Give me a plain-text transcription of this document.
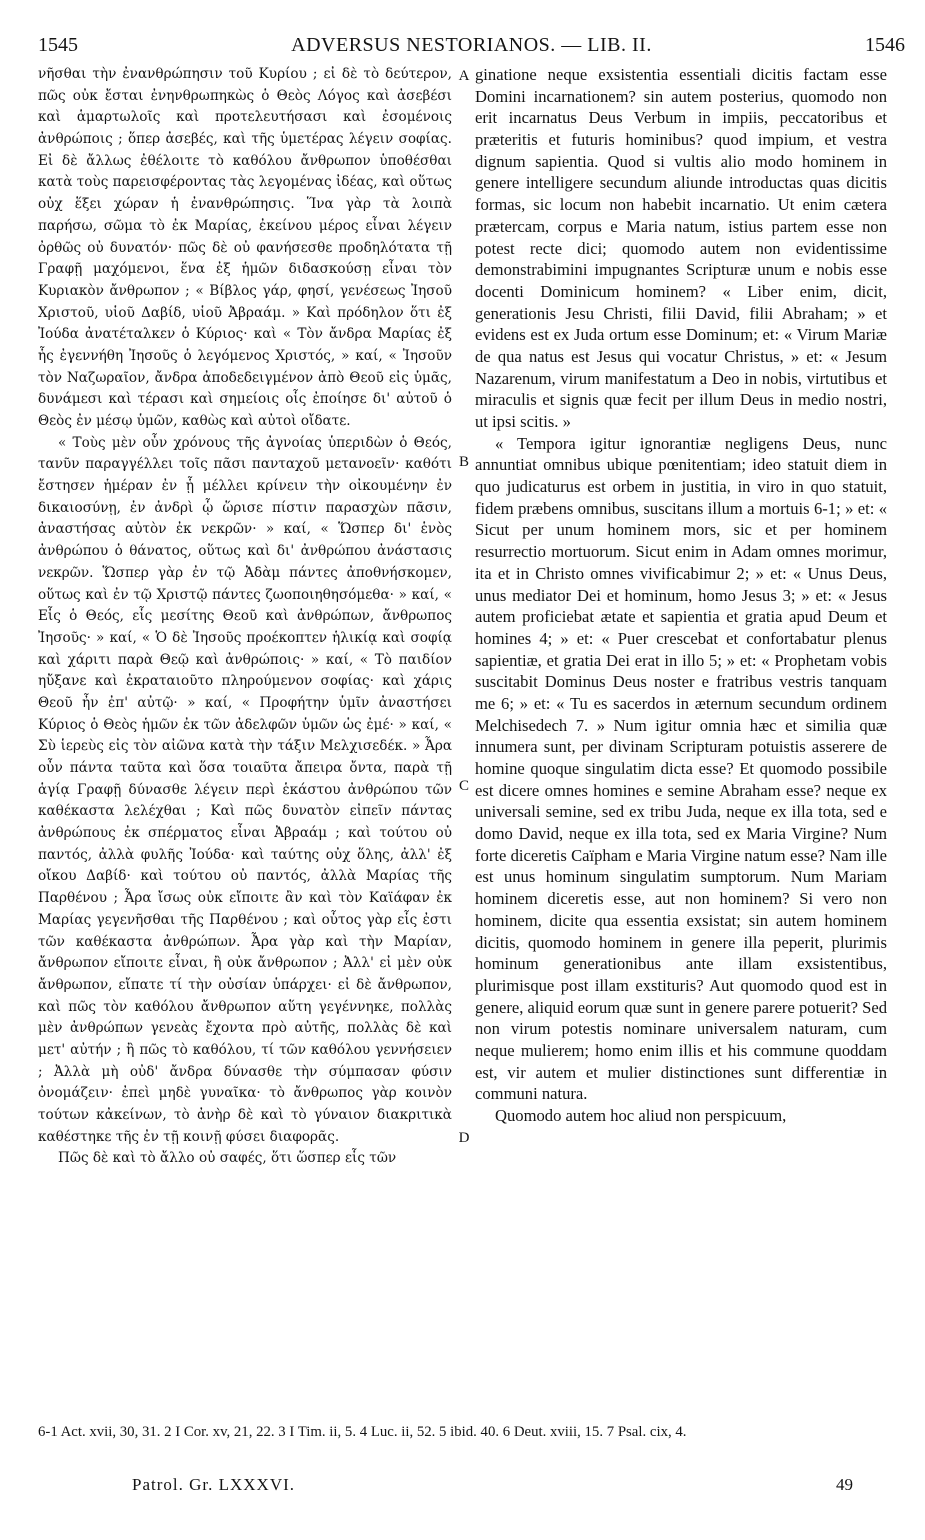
1545	ADVERSUS NESTORIANOS. — LIB. II.	1546

νῆσθαι τὴν ἐνανθρώπησιν τοῦ Κυρίου ; εἰ δὲ τὸ δεύτερον, πῶς οὐκ ἔσται ἐνηνθρωπηκὼς ὁ Θεὸς Λόγος καὶ ἀσεβέσι καὶ ἁμαρτωλοῖς καὶ προτελευτήσασι καὶ ἐσομένοις ἀνθρώποις ; ὅπερ ἀσεβές, καὶ τῆς ὑμετέρας λέγειν σοφίας. Εἰ δὲ ἄλλως ἐθέλοιτε τὸ καθόλου ἄνθρωπον ὑποθέσθαι κατὰ τοὺς παρεισφέροντας τὰς λεγομένας ἰδέας, καὶ οὕτως οὐχ ἕξει χώραν ἡ ἐνανθρώπησις. Ἵνα γὰρ τὰ λοιπὰ παρήσω, σῶμα τὸ ἐκ Μαρίας, ἐκείνου μέρος εἶναι λέγειν ὀρθῶς οὐ δυνατόν· πῶς δὲ οὐ φανήσεσθε προδηλότατα τῇ Γραφῇ μαχόμενοι, ἕνα ἐξ ἡμῶν διδασκούσῃ εἶναι τὸν Κυριακὸν ἄνθρωπον ; « Βίβλος γάρ, φησί, γενέσεως Ἰησοῦ Χριστοῦ, υἱοῦ Δαβίδ, υἱοῦ Ἀβραάμ. » Καὶ πρόδηλον ὅτι ἐξ Ἰούδα ἀνατέταλκεν ὁ Κύριος· καὶ « Τὸν ἄνδρα Μαρίας ἐξ ἧς ἐγεννήθη Ἰησοῦς ὁ λεγόμενος Χριστός, » καί, « Ἰησοῦν τὸν Ναζωραῖον, ἄνδρα ἀποδεδειγμένον ἀπὸ Θεοῦ εἰς ὑμᾶς, δυνάμεσι καὶ τέρασι καὶ σημείοις οἷς ἐποίησε δι' αὐτοῦ ὁ Θεὸς ἐν μέσῳ ὑμῶν, καθὼς καὶ αὐτοὶ οἴδατε.

« Τοὺς μὲν οὖν χρόνους τῆς ἀγνοίας ὑπεριδὼν ὁ Θεός, τανῦν παραγγέλλει τοῖς πᾶσι πανταχοῦ μετανοεῖν· καθότι ἔστησεν ἡμέραν ἐν ᾗ μέλλει κρίνειν τὴν οἰκουμένην ἐν δικαιοσύνῃ, ἐν ἀνδρὶ ᾧ ὥρισε πίστιν παρασχὼν πᾶσιν, ἀναστήσας αὐτὸν ἐκ νεκρῶν· » καί, « Ὥσπερ δι' ἑνὸς ἀνθρώπου ὁ θάνατος, οὕτως καὶ δι' ἀνθρώπου ἀνάστασις νεκρῶν. Ὥσπερ γὰρ ἐν τῷ Ἀδὰμ πάντες ἀποθνήσκομεν, οὕτως καὶ ἐν τῷ Χριστῷ πάντες ζωοποιηθησόμεθα· » καί, « Εἷς ὁ Θεός, εἷς μεσίτης Θεοῦ καὶ ἀνθρώπων, ἄνθρωπος Ἰησοῦς· » καί, « Ὁ δὲ Ἰησοῦς προέκοπτεν ἡλικίᾳ καὶ σοφίᾳ καὶ χάριτι παρὰ Θεῷ καὶ ἀνθρώποις· » καί, « Τὸ παιδίον ηὔξανε καὶ ἐκραταιοῦτο πληρούμενον σοφίας· καὶ χάρις Θεοῦ ἦν ἐπ' αὐτῷ· » καί, « Προφήτην ὑμῖν ἀναστήσει Κύριος ὁ Θεὸς ἡμῶν ἐκ τῶν ἀδελφῶν ὑμῶν ὡς ἐμέ· » καί, « Σὺ ἱερεὺς εἰς τὸν αἰῶνα κατὰ τὴν τάξιν Μελχισεδέκ. » Ἆρα οὖν πάντα ταῦτα καὶ ὅσα τοιαῦτα ἄπειρα ὄντα, παρὰ τῇ ἁγίᾳ Γραφῇ δύνασθε λέγειν περὶ ἑκάστου ἀνθρώπου τῶν καθέκαστα λελέχθαι ; Καὶ πῶς δυνατὸν εἰπεῖν πάντας ἀνθρώπους ἐκ σπέρματος εἶναι Ἀβραάμ ; καὶ τούτου οὐ παντός, ἀλλὰ φυλῆς Ἰούδα· καὶ ταύτης οὐχ ὅλης, ἀλλ' ἐξ οἴκου Δαβίδ· καὶ τούτου οὐ παντός, ἀλλὰ Μαρίας τῆς Παρθένου ; Ἆρα ἴσως οὐκ εἴποιτε ἂν καὶ τὸν Καϊάφαν ἐκ Μαρίας γεγενῆσθαι τῆς Παρθένου ; καὶ οὗτος γὰρ εἷς ἐστι τῶν καθέκαστα ἀνθρώπων. Ἆρα γὰρ καὶ τὴν Μαρίαν, ἄνθρωπον εἴποιτε εἶναι, ἢ οὐκ ἄνθρωπον ; Ἀλλ' εἰ μὲν οὐκ ἄνθρωπον, εἴπατε τί τὴν οὐσίαν ὑπάρχει· εἰ δὲ ἄνθρωπον, καὶ πῶς τὸν καθόλου ἄνθρωπον αὕτη γεγέννηκε, πολλὰς μὲν ἀνθρώπων γενεὰς ἔχοντα πρὸ αὐτῆς, πολλὰς δὲ καὶ μετ' αὐτήν ; ἢ πῶς τὸ καθόλου, τί τῶν καθόλου γεννήσειεν ; Ἀλλὰ μὴ οὐδ' ἄνδρα δύνασθε τὴν σύμπασαν φύσιν ὀνομάζειν· ἐπεὶ μηδὲ γυναῖκα· τὸ ἄνθρωπος γὰρ κοινὸν τούτων κἀκείνων, τὸ ἀνὴρ δὲ καὶ τὸ γύναιον διακριτικὰ καθέστηκε τῆς ἐν τῇ κοινῇ φύσει διαφορᾶς.

Πῶς δὲ καὶ τὸ ἄλλο οὐ σαφές, ὅτι ὥσπερ εἷς τῶν

A
B
C
D

ginatione neque exsistentia essentiali dicitis factam esse Domini incarnationem? sin autem posterius, quomodo non erit incarnatus Deus Verbum in impiis, peccatoribus et præteritis et futuris hominibus? quod impium, et vestra dignum sapientia. Quod si vultis alio modo hominem in genere intelligere secundum aliunde introductas quas dicitis formas, sic locum non habebit incarnatio. Ut enim cætera prætercam, corpus e Maria natum, istius partem esse non potest recte dici; quomodo autem non evidentissime demonstrabimini impugnantes Scripturæ unum e nobis esse docenti Dominicum hominem? « Liber enim, dicit, generationis Jesu Christi, filii David, filii Abraham; » et evidens est ex Juda ortum esse Dominum; et: « Virum Mariæ de qua natus est Jesus qui vocatur Christus, » et: « Jesum Nazarenum, virum manifestatum a Deo in nobis, virtutibus et miraculis et signis quæ fecit per illum Deus in medio nostri, ut ipsi scitis. »

« Tempora igitur ignorantiæ negligens Deus, nunc annuntiat omnibus ubique pœnitentiam; ideo statuit diem in quo judicaturus est orbem in justitia, in viro in quo statuit, fidem præbens omnibus, suscitans illum a mortuis 6-1; » et: « Sicut per unum hominem mors, sic et per hominem resurrectio mortuorum. Sicut enim in Adam omnes morimur, ita et in Christo omnes vivificabimur 2; » et: « Unus Deus, unus mediator Dei et hominum, homo Jesus 3; » et: « Jesus autem proficiebat ætate et sapientia et gratia apud Deum et homines 4; » et: « Puer crescebat et confortabatur plenus sapientiæ, et gratia Dei erat in illo 5; » et: « Prophetam vobis suscitabit Dominus Deus noster e fratribus vestris tanquam me 6; » et: « Tu es sacerdos in æternum secundum ordinem Melchisedech 7. » Num igitur omnia hæc et similia quæ innumera sunt, per divinam Scripturam potuistis asserere de homine quoque singulatim dicta esse? Et quomodo possibile est dicere omnes homines e semine Abraham esse? neque ex universali semine, sed ex tribu Juda, neque ex illa tota, sed e domo David, neque ex illa tota, sed ex Maria Virgine? Num forte diceretis Caïpham e Maria Virgine natum esse? Nam ille est unus hominum singulatim sumptorum. Num Mariam hominem diceretis esse, aut non hominem? Si vero non hominem, dicite qua essentia exsistat; sin autem hominem dicitis, quomodo hominem in genere illa peperit, plurimis hominum generationibus ante illam exsistentibus, plurimisque post illam exstituris? Aut quomodo quod est in genere, aliquid eorum quæ sunt in genere parere potuerit? Sed non virum potestis nominare universalem naturam, cum neque mulierem; homo enim illis et his commune quoddam est, vir autem et mulier distinctiones sunt differentiæ in communi natura.

Quomodo autem hoc aliud non perspicuum,

6-1 Act. xvii, 30, 31. 2 I Cor. xv, 21, 22. 3 I Tim. ii, 5. 4 Luc. ii, 52. 5 ibid. 40. 6 Deut. xviii, 15. 7 Psal. cix, 4.
Patrol. Gr. LXXXVI.	49
